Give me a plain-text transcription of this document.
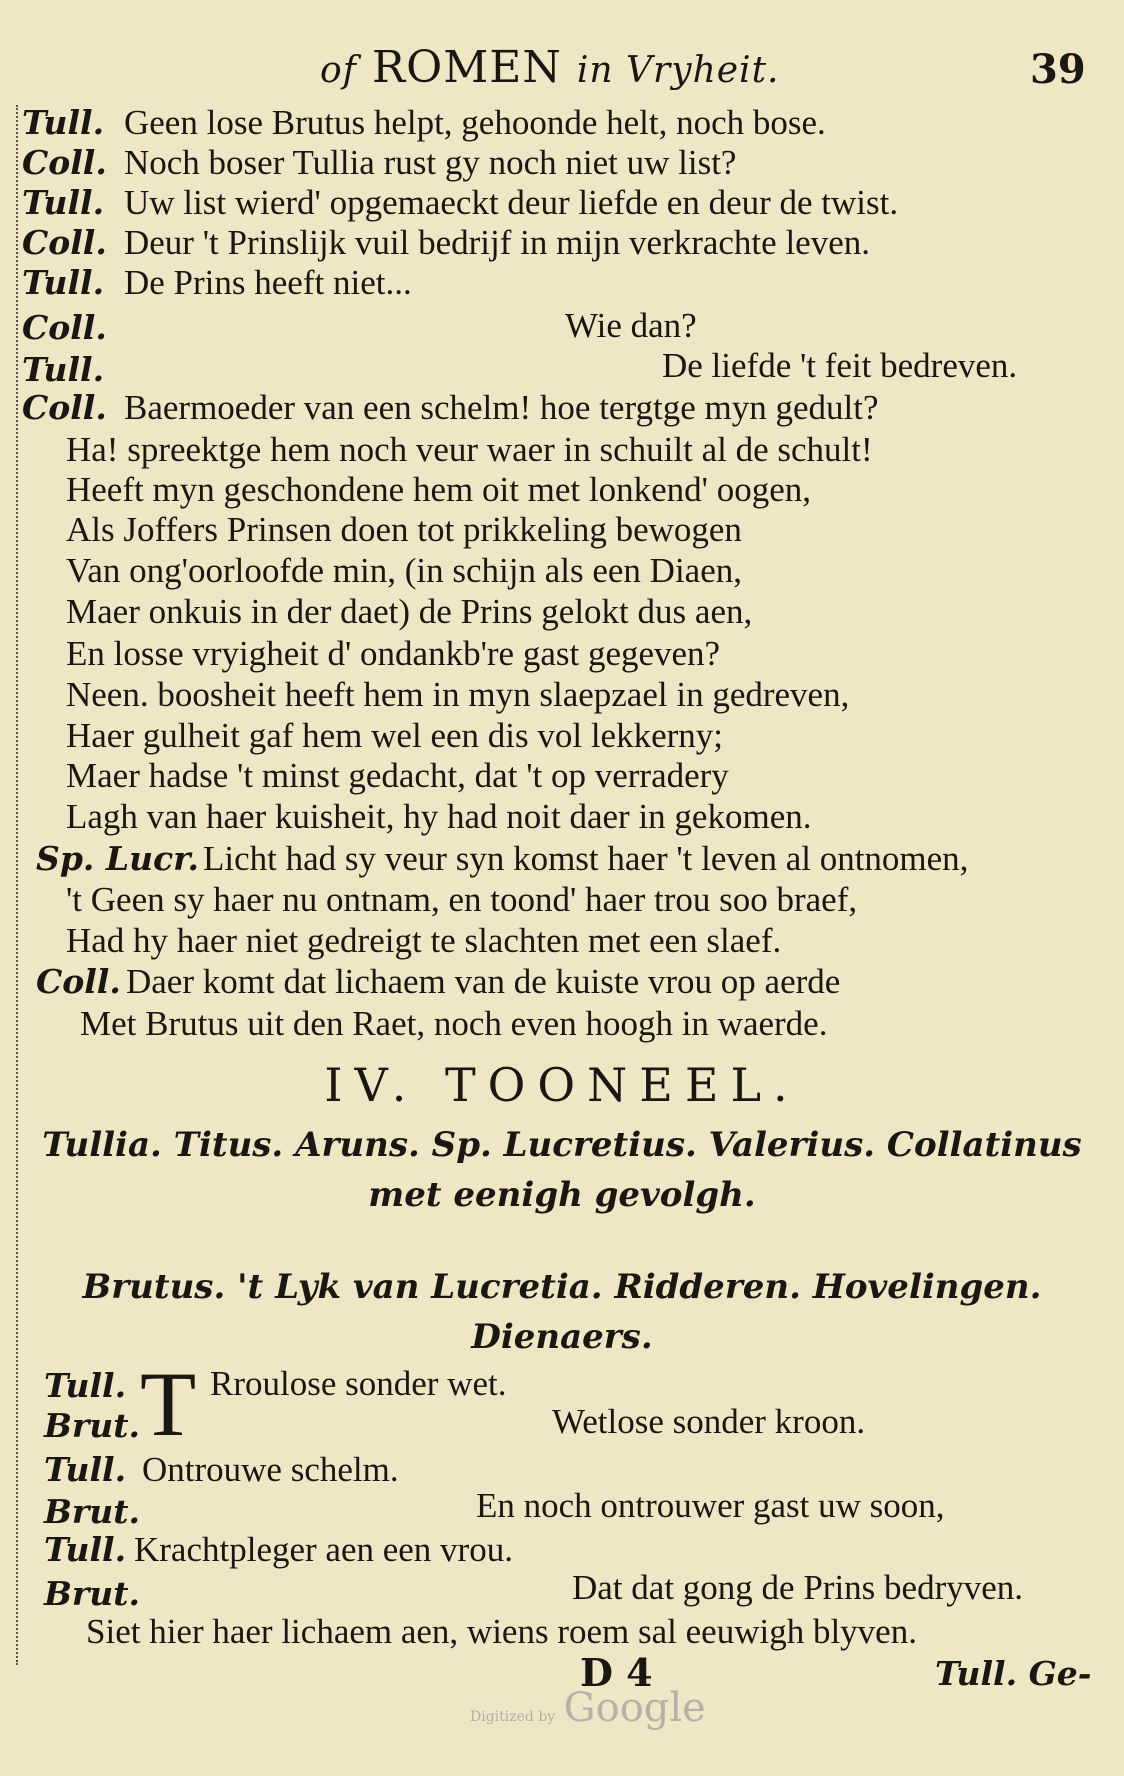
of ROMEN in Vryheit.	39
Tull. Geen lose Brutus helpt, gehoonde helt, noch bose.
Coll. Noch boser Tullia rust gy noch niet uw list?
Tull. Uw list wierd' opgemaeckt deur liefde en deur de twist.
Coll. Deur 't Prinslijk vuil bedrijf in mijn verkrachte leven.
Tull. De Prins heeft niet...
Coll.	Wie dan?
Tull.	De liefde 't feit bedreven.
Coll. Baermoeder van een schelm! hoe tergtge myn gedult?
Ha! spreektge hem noch veur waer in schuilt al de schult!
Heeft myn geschondene hem oit met lonkend' oogen,
Als Joffers Prinsen doen tot prikkeling bewogen
Van ong'oorloofde min, (in schijn als een Diaen,
Maer onkuis in der daet) de Prins gelokt dus aen,
En losse vryigheit d' ondankb're gast gegeven?
Neen. boosheit heeft hem in myn slaepzael in gedreven,
Haer gulheit gaf hem wel een dis vol lekkerny;
Maer hadse 't minst gedacht, dat 't op verradery
Lagh van haer kuisheit, hy had noit daer in gekomen.
Sp. Lucr. Licht had sy veur syn komst haer 't leven al ontnomen,
't Geen sy haer nu ontnam, en toond' haer trou soo braef,
Had hy haer niet gedreigt te slachten met een slaef.
Coll. Daer komt dat lichaem van de kuiste vrou op aerde
Met Brutus uit den Raet, noch even hoogh in waerde.
IV. TOONEEL.
Tullia. Titus. Aruns. Sp. Lucretius. Valerius. Collatinus
met eenigh gevolgh.
Brutus. 't Lyk van Lucretia. Ridderen. Hovelingen.
Dienaers.
T
Tull. Rroulose sonder wet.
Brut.	Wetlose sonder kroon.
Tull. Ontrouwe schelm.
Brut.	En noch ontrouwer gast uw soon,
Tull. Krachtpleger aen een vrou.
Brut.	Dat dat gong de Prins bedryven.
Siet hier haer lichaem aen, wiens roem sal eeuwigh blyven.
D 4	Tull. Ge-
Digitized by Google
